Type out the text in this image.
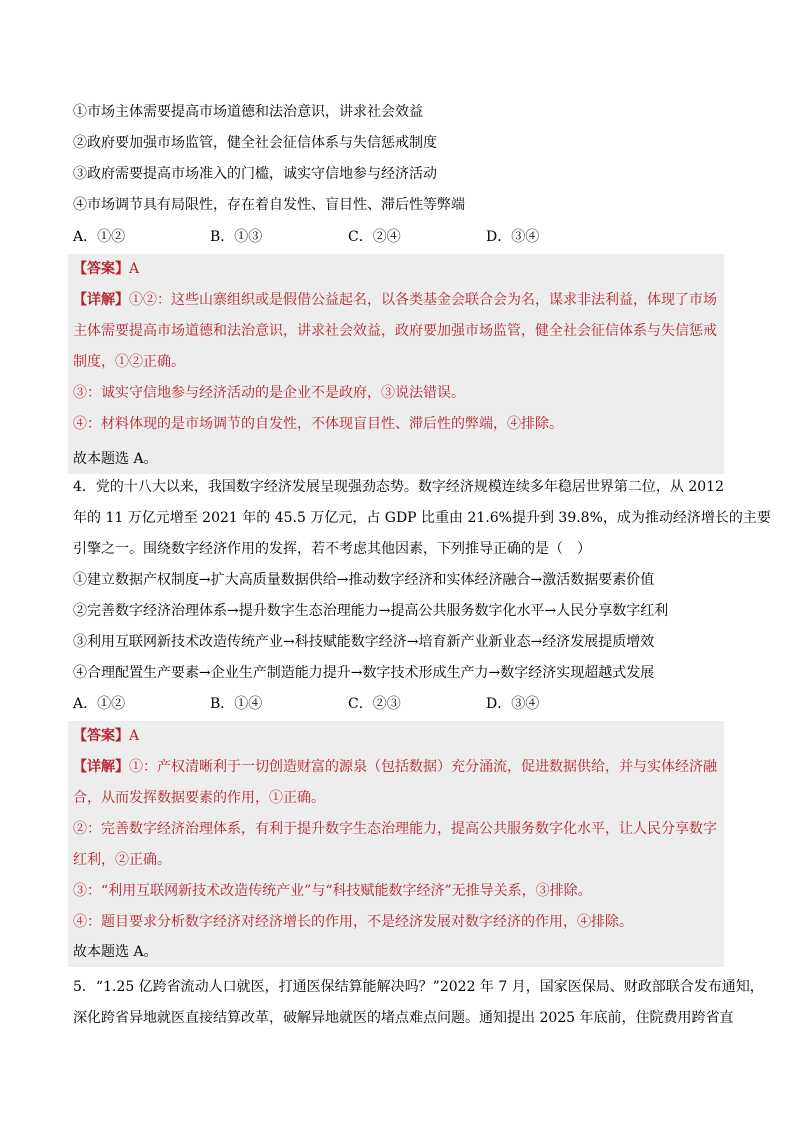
①市场主体需要提高市场道德和法治意识，讲求社会效益
②政府要加强市场监管，健全社会征信体系与失信惩戒制度
③政府需要提高市场准入的门槛，诚实守信地参与经济活动
④市场调节具有局限性，存在着自发性、盲目性、滞后性等弊端
A．①②	B．①③	C．②④	D．③④
【答案】A
【详解】①②：这些山寨组织或是假借公益起名，以各类基金会联合会为名，谋求非法利益，体现了市场
主体需要提高市场道德和法治意识，讲求社会效益，政府要加强市场监管，健全社会征信体系与失信惩戒
制度，①②正确。
③：诚实守信地参与经济活动的是企业不是政府，③说法错误。
④：材料体现的是市场调节的自发性，不体现盲目性、滞后性的弊端，④排除。
故本题选 A。
4．党的十八大以来，我国数字经济发展呈现强劲态势。数字经济规模连续多年稳居世界第二位，从 2012
年的 11 万亿元增至 2021 年的 45.5 万亿元，占 GDP 比重由 21.6%提升到 39.8%，成为推动经济增长的主要
引擎之一。围绕数字经济作用的发挥，若不考虑其他因素，下列推导正确的是（　）
①建立数据产权制度→扩大高质量数据供给→推动数字经济和实体经济融合→激活数据要素价值
②完善数字经济治理体系→提升数字生态治理能力→提高公共服务数字化水平→人民分享数字红利
③利用互联网新技术改造传统产业→科技赋能数字经济→培育新产业新业态→经济发展提质增效
④合理配置生产要素→企业生产制造能力提升→数字技术形成生产力→数字经济实现超越式发展
A．①②	B．①④	C．②③	D．③④
【答案】A
【详解】①：产权清晰利于一切创造财富的源泉（包括数据）充分涌流，促进数据供给，并与实体经济融
合，从而发挥数据要素的作用，①正确。
②：完善数字经济治理体系，有利于提升数字生态治理能力，提高公共服务数字化水平，让人民分享数字
红利，②正确。
③：“利用互联网新技术改造传统产业”与“科技赋能数字经济”无推导关系，③排除。
④：题目要求分析数字经济对经济增长的作用，不是经济发展对数字经济的作用，④排除。
故本题选 A。
5．“1.25 亿跨省流动人口就医，打通医保结算能解决吗？”2022 年 7 月，国家医保局、财政部联合发布通知，
深化跨省异地就医直接结算改革，破解异地就医的堵点难点问题。通知提出 2025 年底前，住院费用跨省直
